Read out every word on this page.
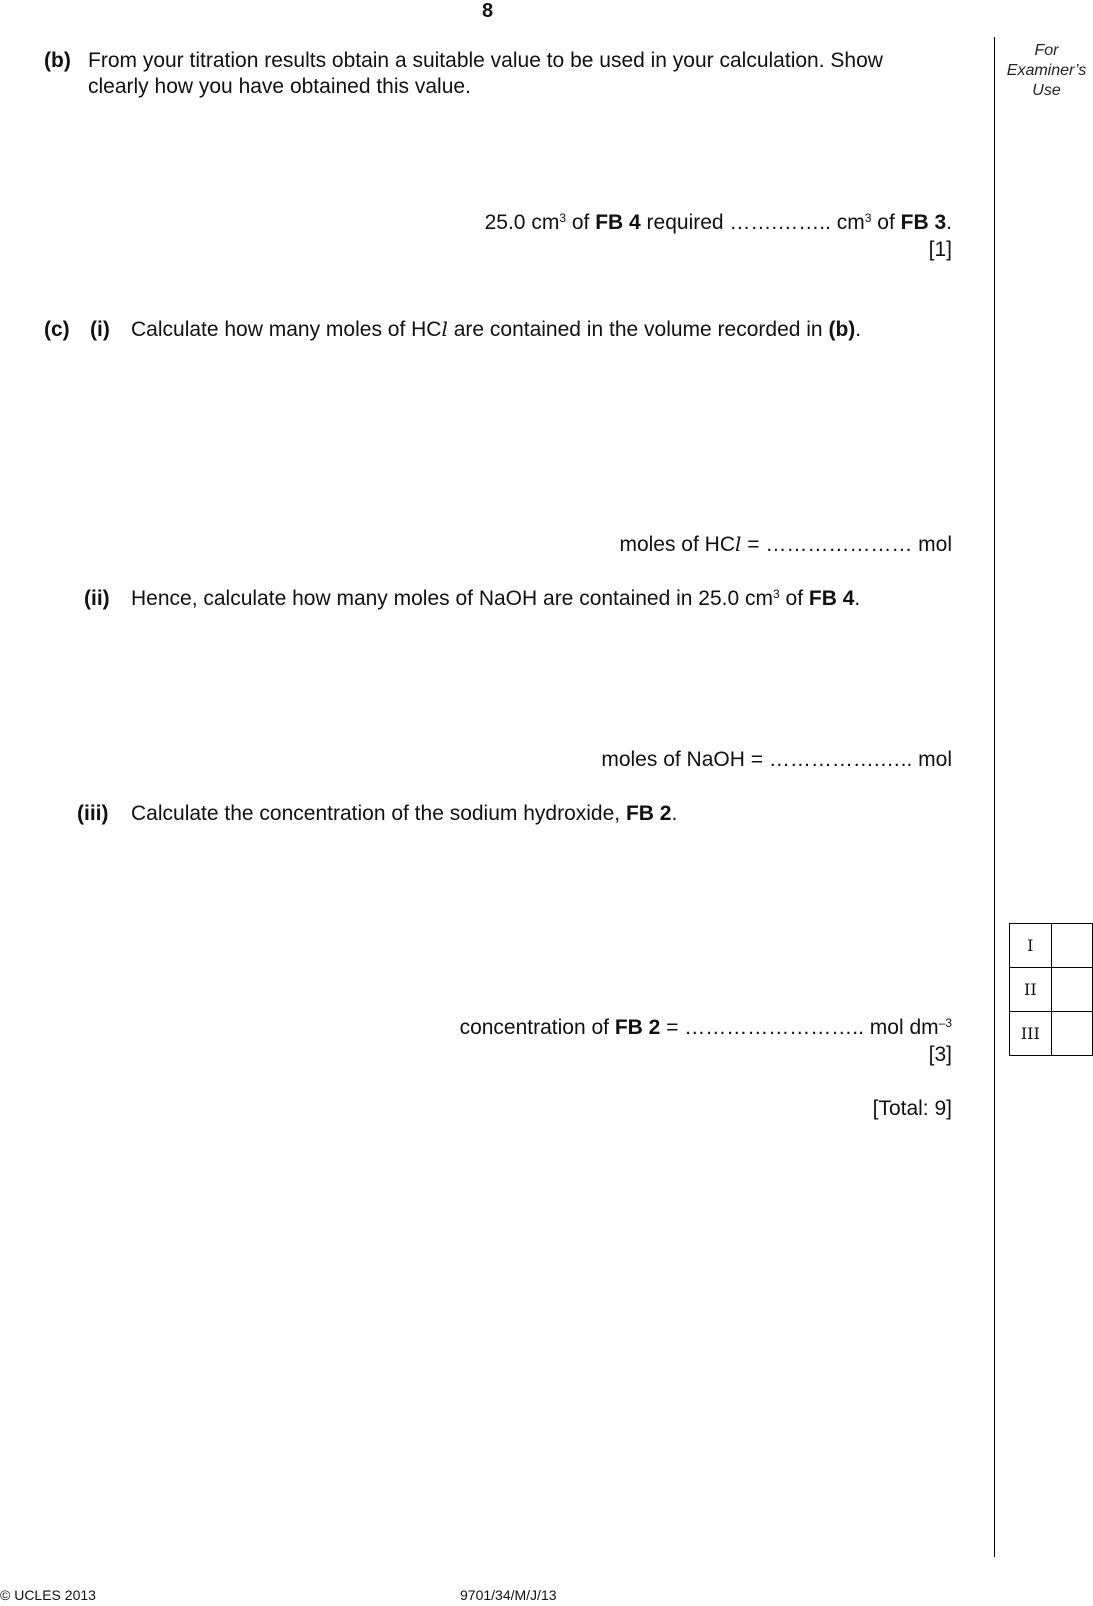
8
For
Examiner’s
Use
(b) From your titration results obtain a suitable value to be used in your calculation. Show
clearly how you have obtained this value.
25.0 $cm^3$ of FB 4 required …….…….. $cm^3$ of FB 3.
[1]
(c) (i) Calculate how many moles of HCl are contained in the volume recorded in (b).
moles of HCl = ………………… mol
(ii) Hence, calculate how many moles of NaOH are contained in 25.0 $cm^3$ of FB 4.
moles of NaOH = …………….….. mol
(iii) Calculate the concentration of the sodium hydroxide, FB 2.
concentration of FB 2 = …………………….. mol $dm^{-3}$
[3]
[Total: 9]
I	
II	
III	
© UCLES 2013	9701/34/M/J/13
